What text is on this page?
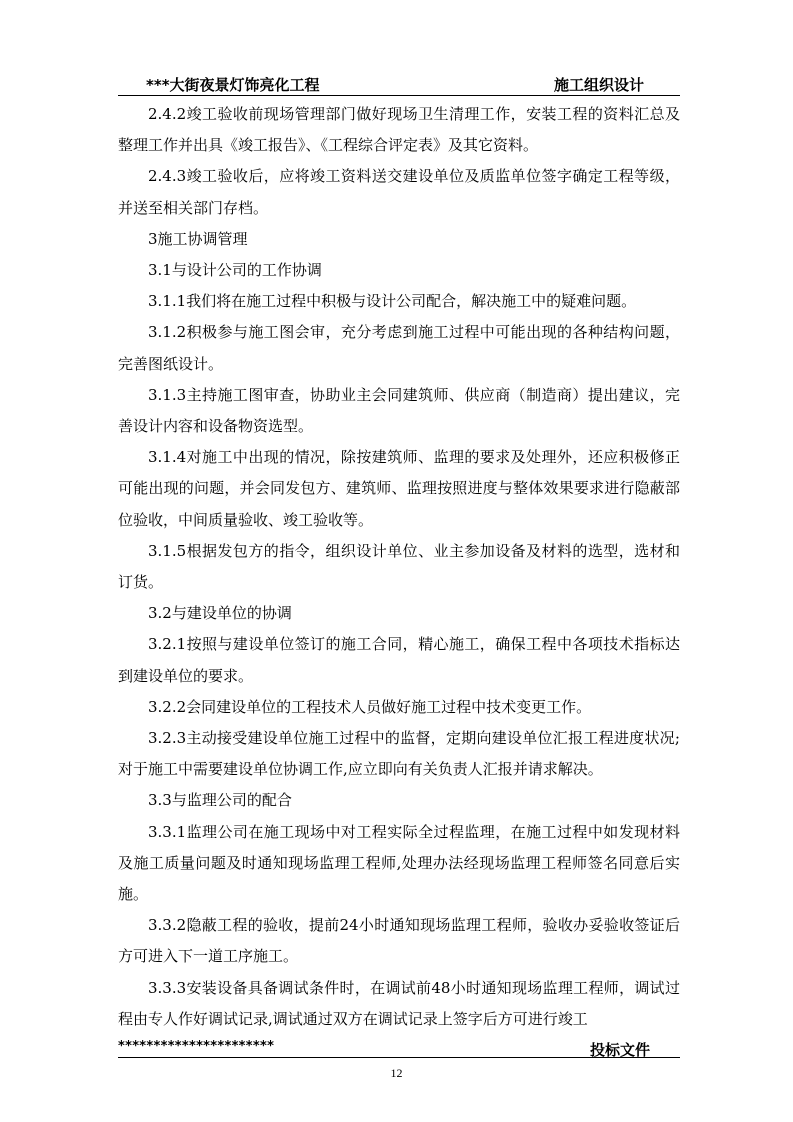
***大街夜景灯饰亮化工程	施工组织设计

2.4.2竣工验收前现场管理部门做好现场卫生清理工作，安装工程的资料汇总及整理工作并出具《竣工报告》、《工程综合评定表》及其它资料。

2.4.3竣工验收后，应将竣工资料送交建设单位及质监单位签字确定工程等级，并送至相关部门存档。

3施工协调管理

3.1与设计公司的工作协调

3.1.1我们将在施工过程中积极与设计公司配合，解决施工中的疑难问题。

3.1.2积极参与施工图会审，充分考虑到施工过程中可能出现的各种结构问题，完善图纸设计。

3.1.3主持施工图审查，协助业主会同建筑师、供应商（制造商）提出建议，完善设计内容和设备物资选型。

3.1.4对施工中出现的情况，除按建筑师、监理的要求及处理外，还应积极修正可能出现的问题，并会同发包方、建筑师、监理按照进度与整体效果要求进行隐蔽部位验收，中间质量验收、竣工验收等。

3.1.5根据发包方的指令，组织设计单位、业主参加设备及材料的选型，选材和订货。

3.2与建设单位的协调

3.2.1按照与建设单位签订的施工合同，精心施工，确保工程中各项技术指标达到建设单位的要求。

3.2.2会同建设单位的工程技术人员做好施工过程中技术变更工作。

3.2.3主动接受建设单位施工过程中的监督，定期向建设单位汇报工程进度状况;对于施工中需要建设单位协调工作,应立即向有关负责人汇报并请求解决。

3.3与监理公司的配合

3.3.1监理公司在施工现场中对工程实际全过程监理，在施工过程中如发现材料及施工质量问题及时通知现场监理工程师,处理办法经现场监理工程师签名同意后实施。

3.3.2隐蔽工程的验收，提前24小时通知现场监理工程师，验收办妥验收签证后方可进入下一道工序施工。

3.3.3安装设备具备调试条件时，在调试前48小时通知现场监理工程师，调试过程由专人作好调试记录,调试通过双方在调试记录上签字后方可进行竣工

**********************	投标文件
12
